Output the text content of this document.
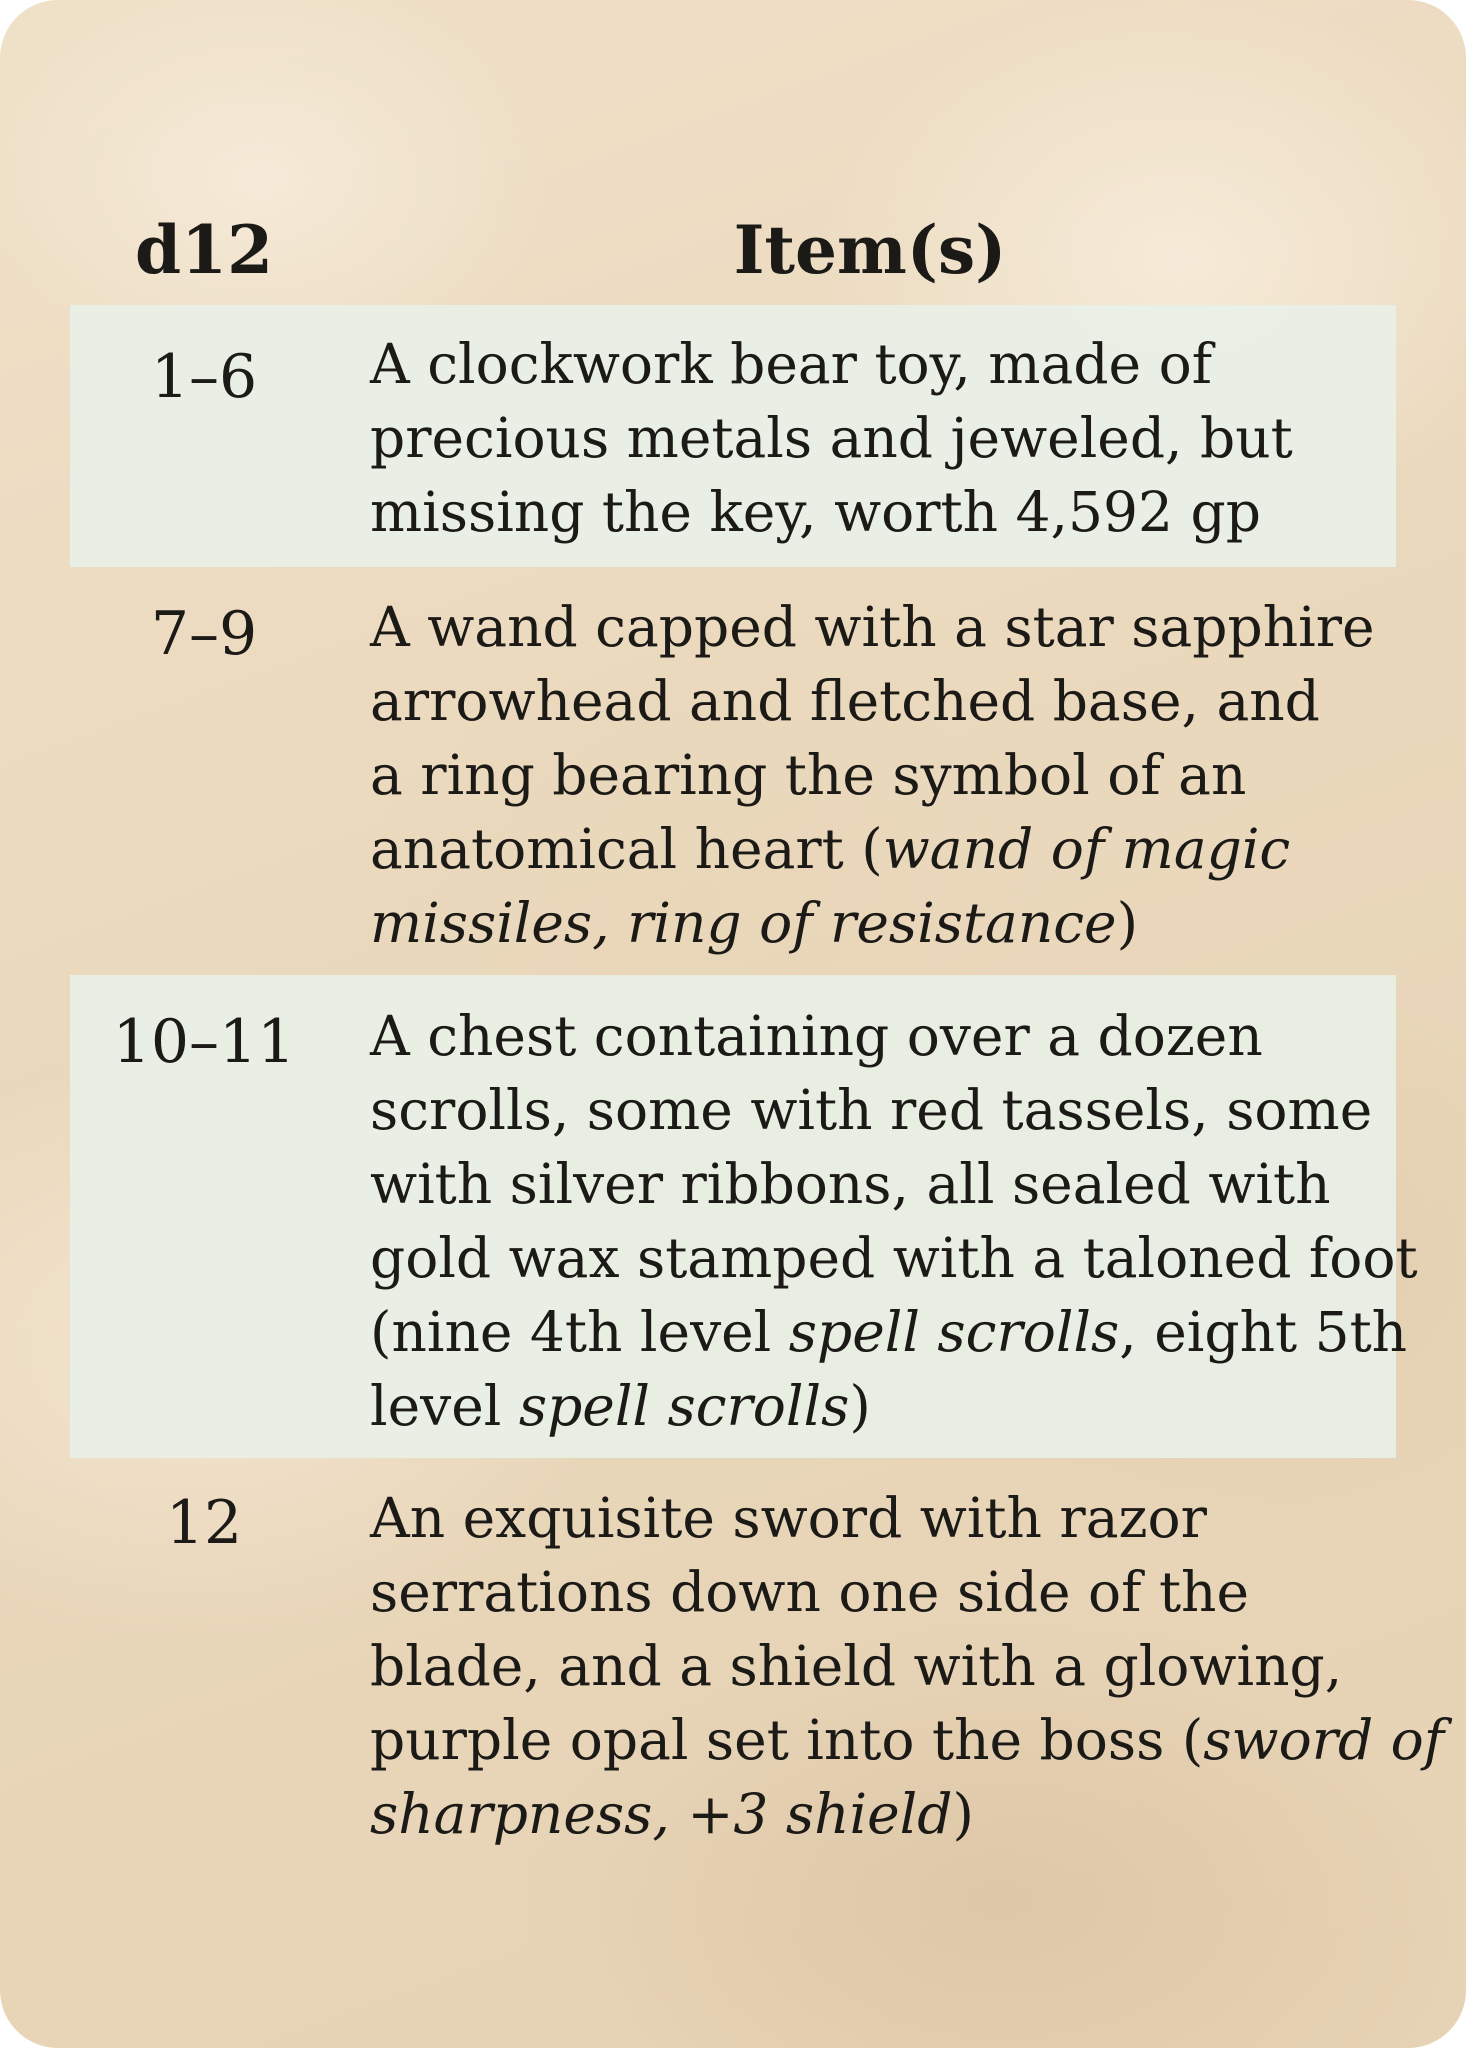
d12	Item(s)
1–6	A clockwork bear toy, made of
precious metals and jeweled, but
missing the key, worth 4,592 gp
7–9	A wand capped with a star sapphire
arrowhead and fletched base, and
a ring bearing the symbol of an
anatomical heart (wand of magic
missiles, ring of resistance)
10–11	A chest containing over a dozen
scrolls, some with red tassels, some
with silver ribbons, all sealed with
gold wax stamped with a taloned foot
(nine 4th level spell scrolls, eight 5th
level spell scrolls)
12	An exquisite sword with razor
serrations down one side of the
blade, and a shield with a glowing,
purple opal set into the boss (sword of
sharpness, +3 shield)
